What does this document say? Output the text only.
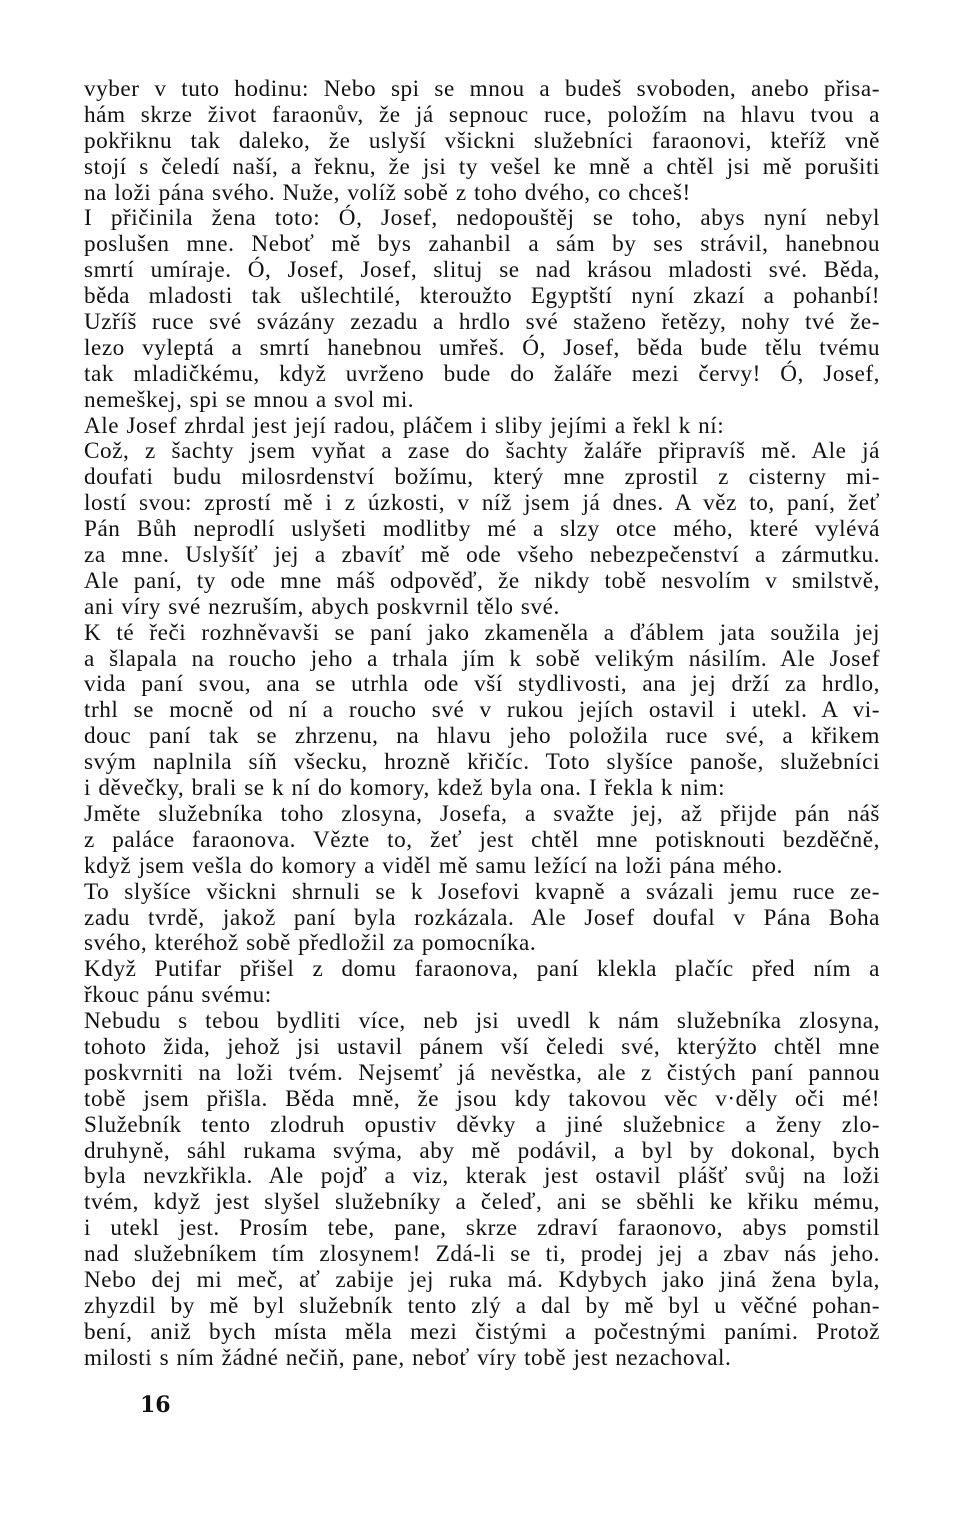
vyber v tuto hodinu: Nebo spi se mnou a budeš svoboden, anebo přisa-
hám skrze život faraonův, že já sepnouc ruce, položím na hlavu tvou a
pokřiknu tak daleko, že uslyší všickni služebníci faraonovi, kteříž vně
stojí s čeledí naší, a řeknu, že jsi ty vešel ke mně a chtěl jsi mě porušiti
na loži pána svého. Nuže, volíž sobě z toho dvého, co chceš!
I přičinila žena toto: Ó, Josef, nedopouštěj se toho, abys nyní nebyl
poslušen mne. Neboť mě bys zahanbil a sám by ses strávil, hanebnou
smrtí umíraje. Ó, Josef, Josef, slituj se nad krásou mladosti své. Běda,
běda mladosti tak ušlechtilé, kteroužto Egyptští nyní zkazí a pohanbí!
Uzříš ruce své svázány zezadu a hrdlo své staženo řetězy, nohy tvé že-
lezo vyleptá a smrtí hanebnou umřeš. Ó, Josef, běda bude tělu tvému
tak mladičkému, když uvrženo bude do žaláře mezi červy! Ó, Josef,
nemeškej, spi se mnou a svol mi.
Ale Josef zhrdal jest její radou, pláčem i sliby jejími a řekl k ní:
Což, z šachty jsem vyňat a zase do šachty žaláře připravíš mě. Ale já
doufati budu milosrdenství božímu, který mne zprostil z cisterny mi-
lostí svou: zprostí mě i z úzkosti, v níž jsem já dnes. A věz to, paní, žeť
Pán Bůh neprodlí uslyšeti modlitby mé a slzy otce mého, které vylévá
za mne. Uslyšíť jej a zbavíť mě ode všeho nebezpečenství a zármutku.
Ale paní, ty ode mne máš odpověď, že nikdy tobě nesvolím v smilstvě,
ani víry své nezruším, abych poskvrnil tělo své.
K té řeči rozhněvavši se paní jako zkameněla a ďáblem jata soužila jej
a šlapala na roucho jeho a trhala jím k sobě velikým násilím. Ale Josef
vida paní svou, ana se utrhla ode vší stydlivosti, ana jej drží za hrdlo,
trhl se mocně od ní a roucho své v rukou jejích ostavil i utekl. A vi-
douc paní tak se zhrzenu, na hlavu jeho položila ruce své, a křikem
svým naplnila síň všecku, hrozně křičíc. Toto slyšíce panoše, služebníci
i děvečky, brali se k ní do komory, kdež byla ona. I řekla k nim:
Jměte služebníka toho zlosyna, Josefa, a svažte jej, až přijde pán náš
z paláce faraonova. Vězte to, žeť jest chtěl mne potisknouti bezděčně,
když jsem vešla do komory a viděl mě samu ležící na loži pána mého.
To slyšíce všickni shrnuli se k Josefovi kvapně a svázali jemu ruce ze-
zadu tvrdě, jakož paní byla rozkázala. Ale Josef doufal v Pána Boha
svého, kteréhož sobě předložil za pomocníka.
Když Putifar přišel z domu faraonova, paní klekla plačíc před ním a
řkouc pánu svému:
Nebudu s tebou bydliti více, neb jsi uvedl k nám služebníka zlosyna,
tohoto žida, jehož jsi ustavil pánem vší čeledi své, kterýžto chtěl mne
poskvrniti na loži tvém. Nejsemť já nevěstka, ale z čistých paní pannou
tobě jsem přišla. Běda mně, že jsou kdy takovou věc v·děly oči mé!
Služebník tento zlodruh opustiv děvky a jiné služebnicε a ženy zlo-
druhyně, sáhl rukama svýma, aby mě podávil, a byl by dokonal, bych
byla nevzkřikla. Ale pojď a viz, kterak jest ostavil plášť svůj na loži
tvém, když jest slyšel služebníky a čeleď, ani se sběhli ke křiku mému,
i utekl jest. Prosím tebe, pane, skrze zdraví faraonovo, abys pomstil
nad služebníkem tím zlosynem! Zdá-li se ti, prodej jej a zbav nás jeho.
Nebo dej mi meč, ať zabije jej ruka má. Kdybych jako jiná žena byla,
zhyzdil by mě byl služebník tento zlý a dal by mě byl u věčné pohan-
bení, aniž bych místa měla mezi čistými a počestnými paními. Protož
milosti s ním žádné nečiň, pane, neboť víry tobě jest nezachoval.
16
